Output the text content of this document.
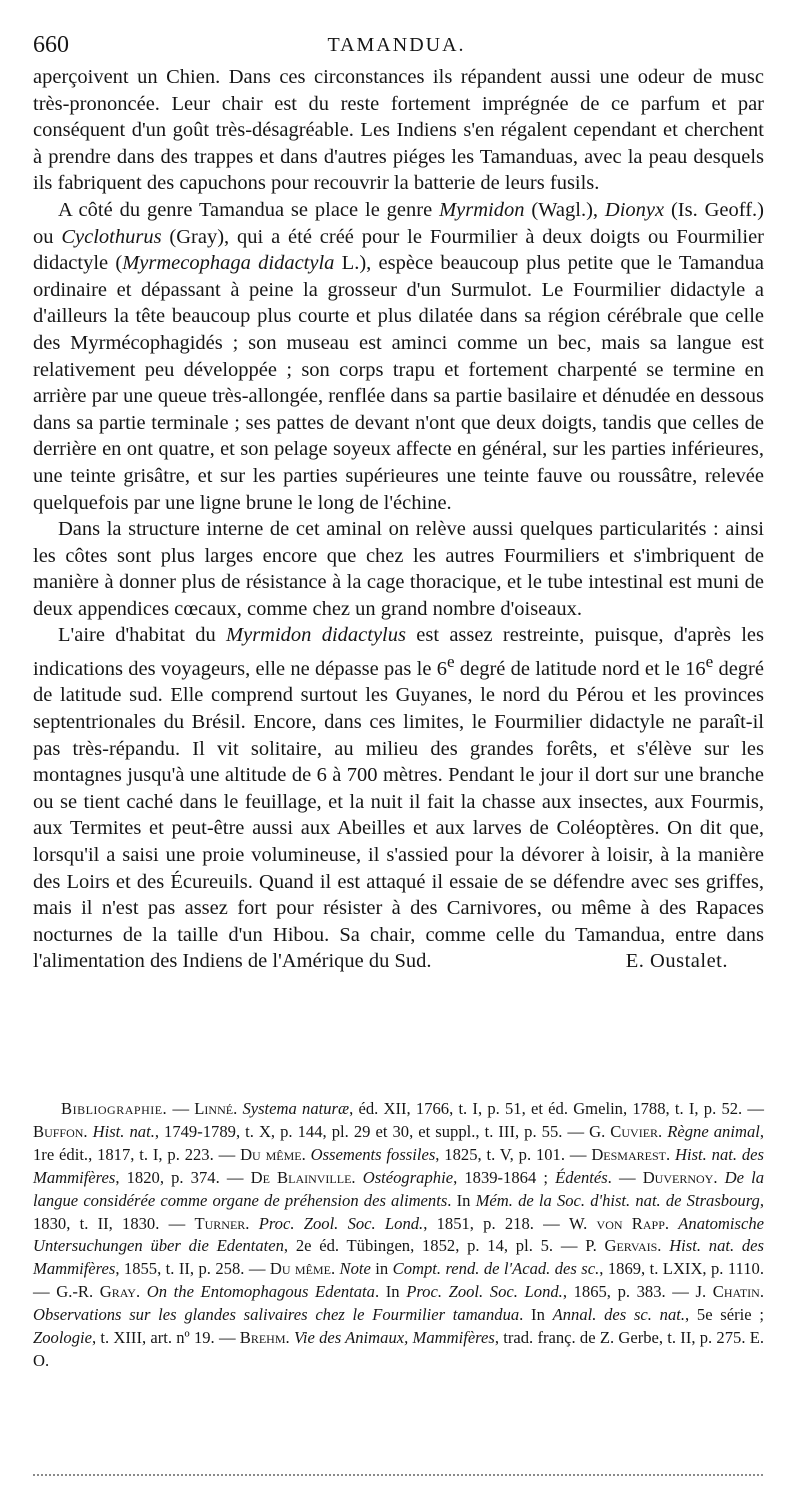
660	TAMANDUA.

aperçoivent un Chien. Dans ces circonstances ils répandent aussi une odeur de musc très-prononcée. Leur chair est du reste fortement imprégnée de ce parfum et par conséquent d'un goût très-désagréable. Les Indiens s'en régalent cependant et cherchent à prendre dans des trappes et dans d'autres piéges les Tamanduas, avec la peau desquels ils fabriquent des capuchons pour recouvrir la batterie de leurs fusils.

A côté du genre Tamandua se place le genre Myrmidon (Wagl.), Dionyx (Is. Geoff.) ou Cyclothurus (Gray), qui a été créé pour le Fourmilier à deux doigts ou Fourmilier didactyle (Myrmecophaga didactyla L.), espèce beaucoup plus petite que le Tamandua ordinaire et dépassant à peine la grosseur d'un Surmulot. Le Fourmilier didactyle a d'ailleurs la tête beaucoup plus courte et plus dilatée dans sa région cérébrale que celle des Myrmécophagidés ; son museau est aminci comme un bec, mais sa langue est relativement peu développée ; son corps trapu et fortement charpenté se termine en arrière par une queue très-allongée, renflée dans sa partie basilaire et dénudée en dessous dans sa partie terminale ; ses pattes de devant n'ont que deux doigts, tandis que celles de derrière en ont quatre, et son pelage soyeux affecte en général, sur les parties inférieures, une teinte grisâtre, et sur les parties supérieures une teinte fauve ou roussâtre, relevée quelquefois par une ligne brune le long de l'échine.

Dans la structure interne de cet aminal on relève aussi quelques particularités : ainsi les côtes sont plus larges encore que chez les autres Fourmiliers et s'imbriquent de manière à donner plus de résistance à la cage thoracique, et le tube intestinal est muni de deux appendices cœcaux, comme chez un grand nombre d'oiseaux.

L'aire d'habitat du Myrmidon didactylus est assez restreinte, puisque, d'après les indications des voyageurs, elle ne dépasse pas le 6e degré de latitude nord et le 16e degré de latitude sud. Elle comprend surtout les Guyanes, le nord du Pérou et les provinces septentrionales du Brésil. Encore, dans ces limites, le Fourmilier didactyle ne paraît-il pas très-répandu. Il vit solitaire, au milieu des grandes forêts, et s'élève sur les montagnes jusqu'à une altitude de 6 à 700 mètres. Pendant le jour il dort sur une branche ou se tient caché dans le feuillage, et la nuit il fait la chasse aux insectes, aux Fourmis, aux Termites et peut-être aussi aux Abeilles et aux larves de Coléoptères. On dit que, lorsqu'il a saisi une proie volumineuse, il s'assied pour la dévorer à loisir, à la manière des Loirs et des Écureuils. Quand il est attaqué il essaie de se défendre avec ses griffes, mais il n'est pas assez fort pour résister à des Carnivores, ou même à des Rapaces nocturnes de la taille d'un Hibou. Sa chair, comme celle du Tamandua, entre dans l'alimentation des Indiens de l'Amérique du Sud.	E. Oustalet.

Bibliographie. — Linné. Systema naturæ, éd. XII, 1766, t. I, p. 51, et éd. Gmelin, 1788, t. I, p. 52. — Buffon. Hist. nat., 1749-1789, t. X, p. 144, pl. 29 et 30, et suppl., t. III, p. 55. — G. Cuvier. Règne animal, 1re édit., 1817, t. I, p. 223. — Du même. Ossements fossiles, 1825, t. V, p. 101. — Desmarest. Hist. nat. des Mammifères, 1820, p. 374. — De Blainville. Ostéographie, 1839-1864 ; Édentés. — Duvernoy. De la langue considérée comme organe de préhension des aliments. In Mém. de la Soc. d'hist. nat. de Strasbourg, 1830, t. II, 1830. — Turner. Proc. Zool. Soc. Lond., 1851, p. 218. — W. von Rapp. Anatomische Untersuchungen über die Edentaten, 2e éd. Tübingen, 1852, p. 14, pl. 5. — P. Gervais. Hist. nat. des Mammifères, 1855, t. II, p. 258. — Du même. Note in Compt. rend. de l'Acad. des sc., 1869, t. LXIX, p. 1110. — G.-R. Gray. On the Entomophagous Edentata. In Proc. Zool. Soc. Lond., 1865, p. 383. — J. Chatin. Observations sur les glandes salivaires chez le Fourmilier tamandua. In Annal. des sc. nat., 5e série ; Zoologie, t. XIII, art. nº 19. — Brehm. Vie des Animaux, Mammifères, trad. franç. de Z. Gerbe, t. II, p. 275. E. O.
